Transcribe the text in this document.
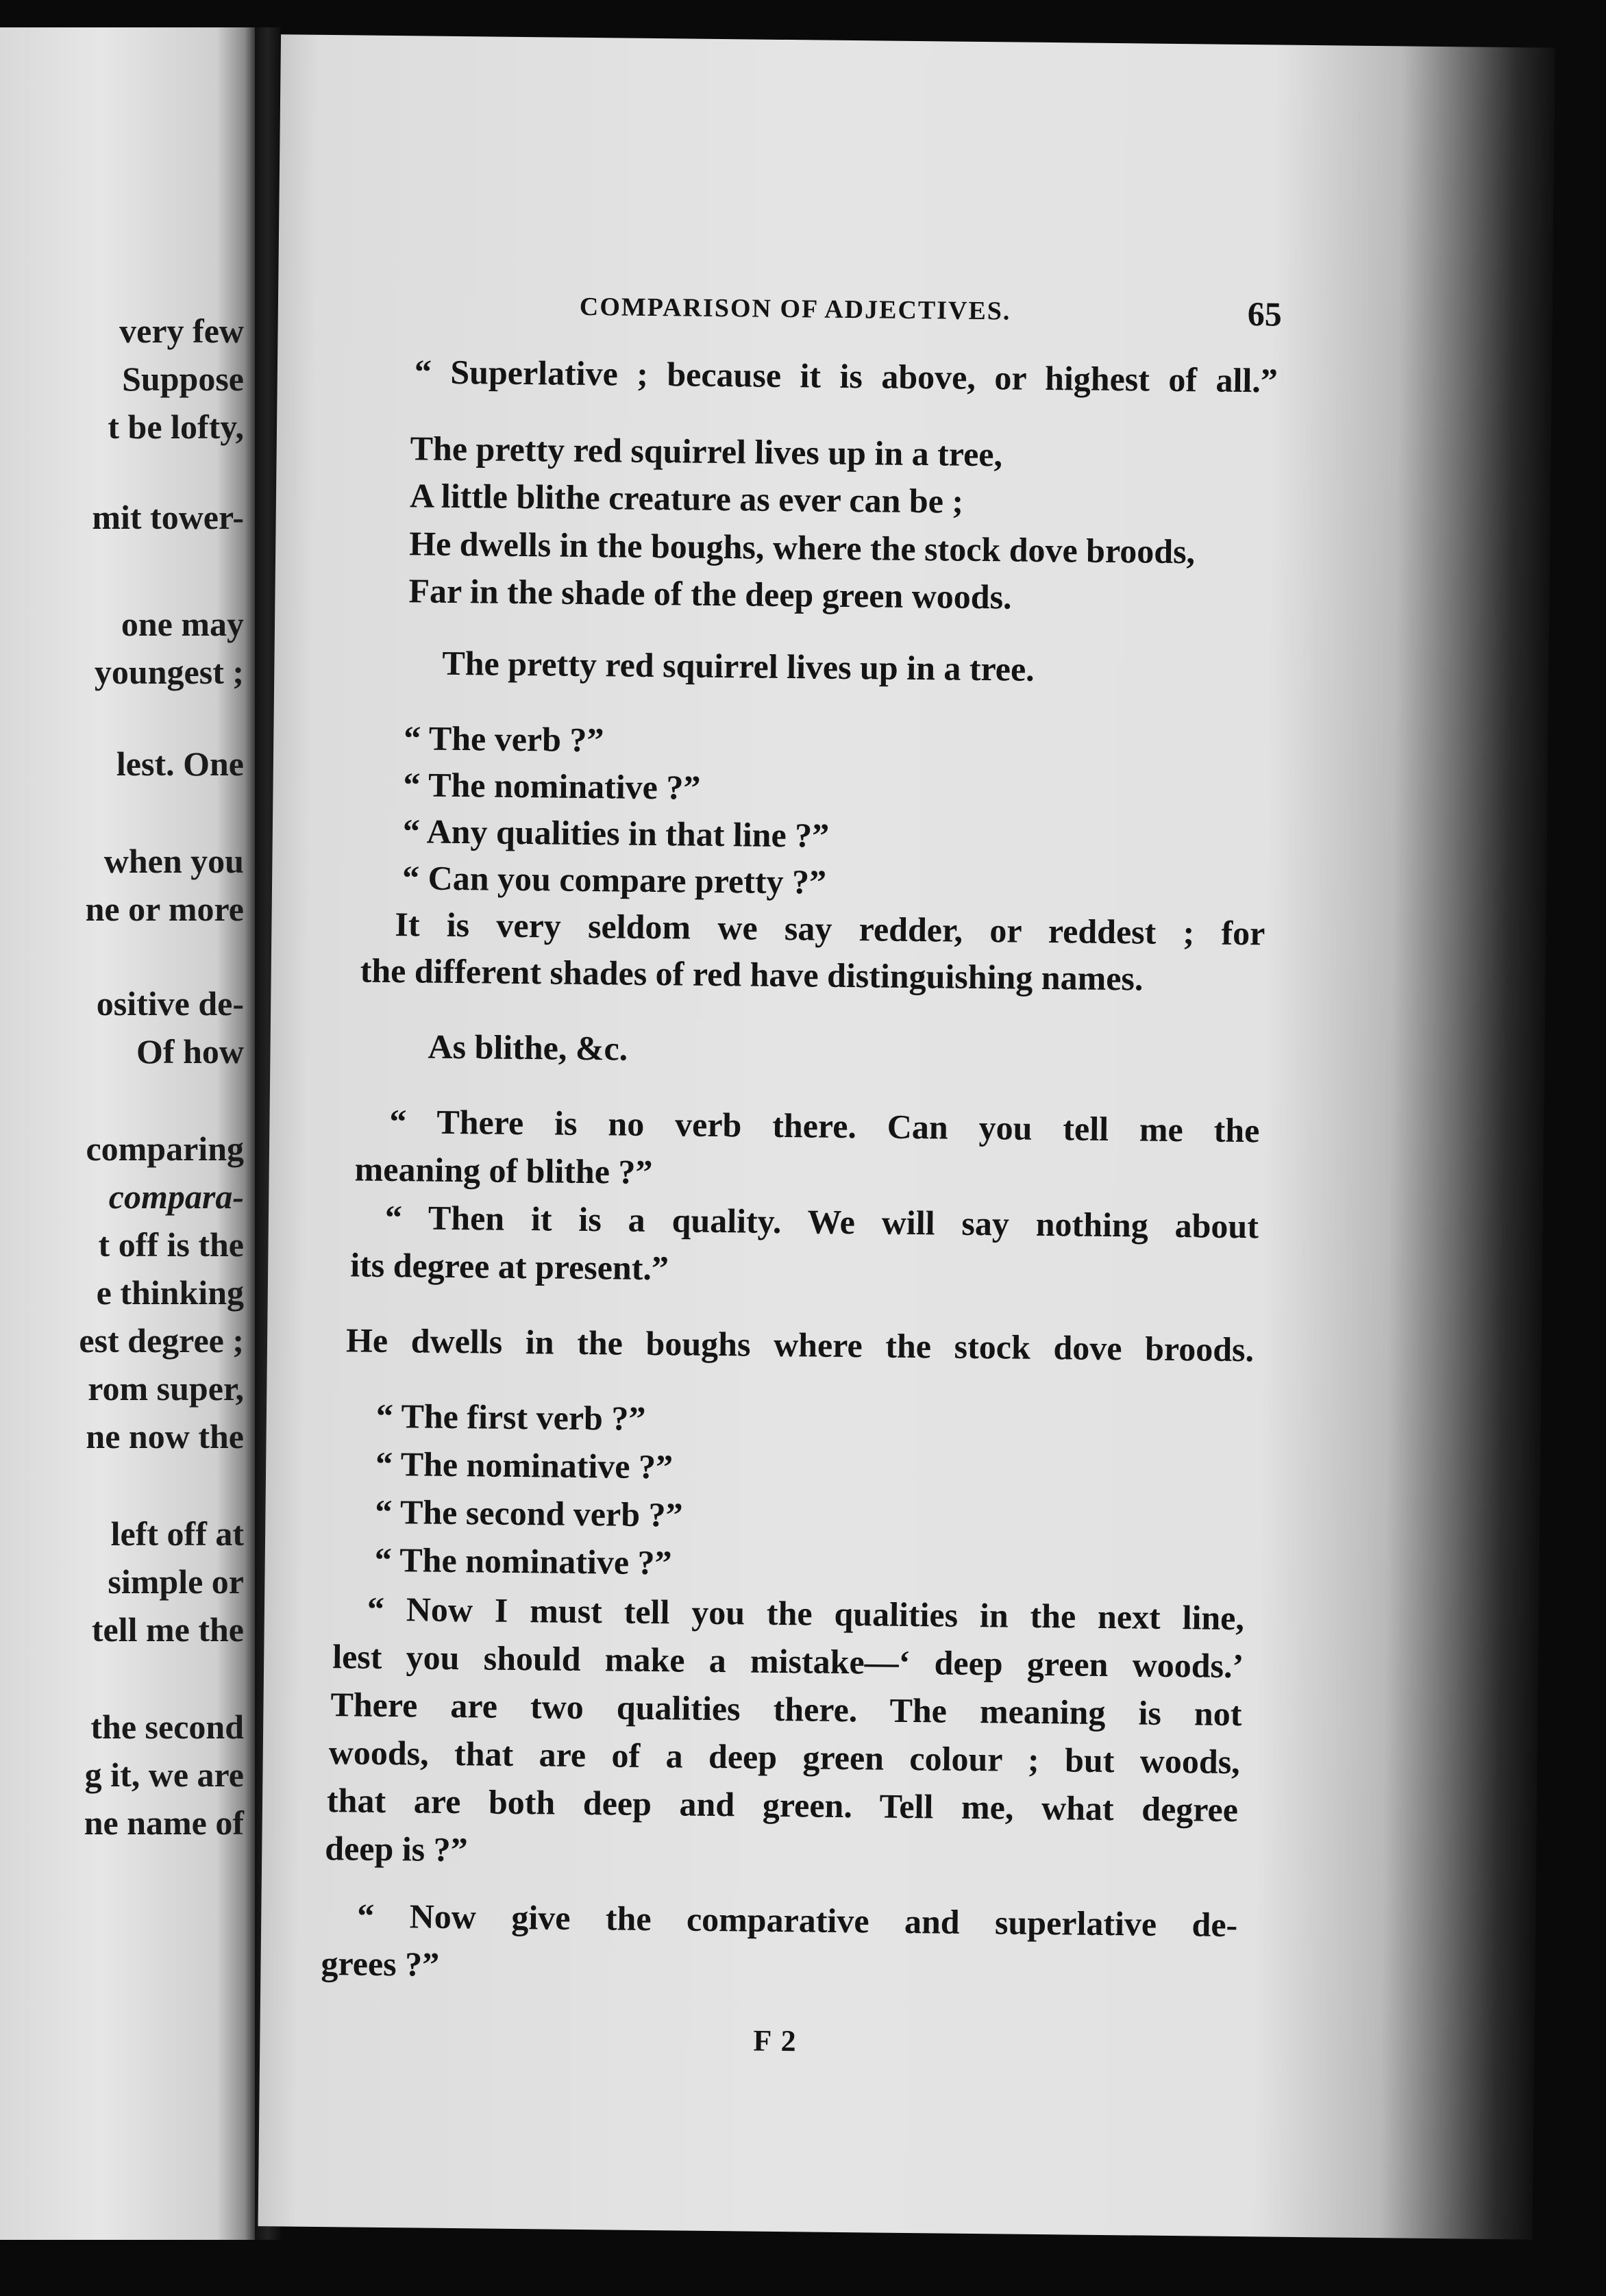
very few
Suppose
t be lofty,
mit tower-
one may
youngest ;
lest. One
when you
ne or more
ositive de-
Of how
comparing
compara-
t off is the
e thinking
est degree ;
rom super,
ne now the
left off at
simple or
tell me the
the second
g it, we are
ne name of
COMPARISON OF ADJECTIVES.	65
“ Superlative ; because it is above, or highest of all.”
The pretty red squirrel lives up in a tree,
A little blithe creature as ever can be ;
He dwells in the boughs, where the stock dove broods,
Far in the shade of the deep green woods.
The pretty red squirrel lives up in a tree.
“ The verb ?”
“ The nominative ?”
“ Any qualities in that line ?”
“ Can you compare pretty ?”
It is very seldom we say redder, or reddest ; for
the different shades of red have distinguishing names.
As blithe, &c.
“ There is no verb there. Can you tell me the
meaning of blithe ?”
“ Then it is a quality. We will say nothing about
its degree at present.”
He dwells in the boughs where the stock dove broods.
“ The first verb ?”
“ The nominative ?”
“ The second verb ?”
“ The nominative ?”
“ Now I must tell you the qualities in the next line,
lest you should make a mistake—‘ deep green woods.’
There are two qualities there. The meaning is not
woods, that are of a deep green colour ; but woods,
that are both deep and green. Tell me, what degree
deep is ?”
“ Now give the comparative and superlative de-
grees ?”
F 2
